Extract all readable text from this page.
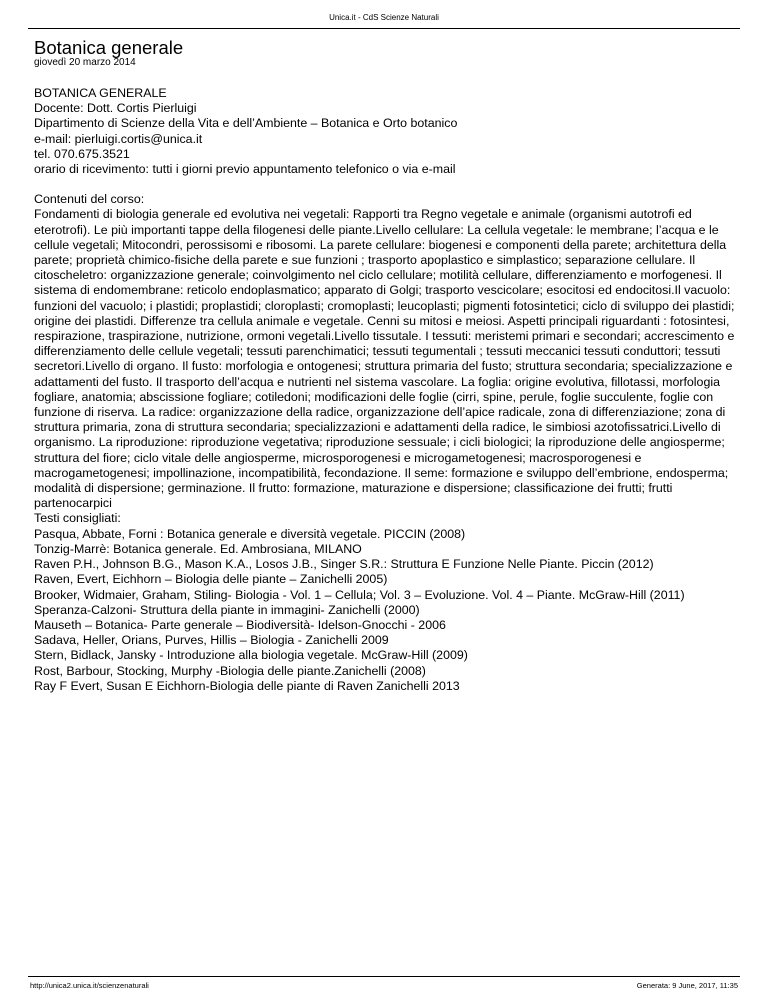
Unica.it - CdS Scienze Naturali
Botanica generale
giovedì 20 marzo 2014
BOTANICA GENERALE
Docente: Dott. Cortis Pierluigi
Dipartimento di Scienze della Vita e dell’Ambiente – Botanica e Orto botanico
e-mail: pierluigi.cortis@unica.it
tel. 070.675.3521
orario di ricevimento: tutti i giorni previo appuntamento telefonico o via e-mail
Contenuti del corso:
Fondamenti di biologia generale ed evolutiva nei vegetali: Rapporti tra Regno vegetale e animale (organismi autotrofi ed eterotrofi). Le più importanti tappe della filogenesi delle piante.Livello cellulare: La cellula vegetale: le membrane; l’acqua e le cellule vegetali; Mitocondri, perossisomi e ribosomi. La parete cellulare: biogenesi e componenti della parete; architettura della parete; proprietà chimico-fisiche della parete e sue funzioni ; trasporto apoplastico e simplastico; separazione cellulare. Il citoscheletro: organizzazione generale; coinvolgimento nel ciclo cellulare; motilità cellulare, differenziamento e morfogenesi. Il sistema di endomembrane: reticolo endoplasmatico; apparato di Golgi; trasporto vescicolare; esocitosi ed endocitosi.Il vacuolo: funzioni del vacuolo; i plastidi; proplastidi; cloroplasti; cromoplasti; leucoplasti; pigmenti fotosintetici; ciclo di sviluppo dei plastidi; origine dei plastidi. Differenze tra cellula animale e vegetale. Cenni su mitosi e meiosi. Aspetti principali riguardanti : fotosintesi, respirazione, traspirazione, nutrizione, ormoni vegetali.Livello tissutale. I tessuti: meristemi primari e secondari; accrescimento e differenziamento delle cellule vegetali; tessuti parenchimatici; tessuti tegumentali ; tessuti meccanici tessuti conduttori; tessuti secretori.Livello di organo. Il fusto: morfologia e ontogenesi; struttura primaria del fusto; struttura secondaria; specializzazione e adattamenti del fusto. Il trasporto dell’acqua e nutrienti nel sistema vascolare. La foglia: origine evolutiva, fillotassi, morfologia fogliare, anatomia; abscissione fogliare; cotiledoni; modificazioni delle foglie (cirri, spine, perule, foglie succulente, foglie con funzione di riserva. La radice: organizzazione della radice, organizzazione dell’apice radicale, zona di differenziazione; zona di struttura primaria, zona di struttura secondaria; specializzazioni e adattamenti della radice, le simbiosi azotofissatrici.Livello di organismo. La riproduzione: riproduzione vegetativa; riproduzione sessuale; i cicli biologici; la riproduzione delle angiosperme; struttura del fiore; ciclo vitale delle angiosperme, microsporogenesi e microgametogenesi; macrosporogenesi e macrogametogenesi; impollinazione, incompatibilità, fecondazione. Il seme: formazione e sviluppo dell’embrione, endosperma; modalità di dispersione; germinazione. Il frutto: formazione, maturazione e dispersione; classificazione dei frutti; frutti partenocarpici
Testi consigliati:
Pasqua, Abbate, Forni : Botanica generale e diversità vegetale. PICCIN (2008)
Tonzig-Marrè: Botanica generale. Ed. Ambrosiana, MILANO
Raven P.H., Johnson B.G., Mason K.A., Losos J.B., Singer S.R.: Struttura E Funzione Nelle Piante. Piccin (2012)
Raven, Evert, Eichhorn – Biologia delle piante – Zanichelli 2005)
Brooker, Widmaier, Graham, Stiling- Biologia - Vol. 1 – Cellula; Vol. 3 – Evoluzione. Vol. 4 – Piante. McGraw-Hill (2011)
Speranza-Calzoni- Struttura della piante in immagini- Zanichelli (2000)
Mauseth – Botanica- Parte generale – Biodiversità- Idelson-Gnocchi - 2006
Sadava, Heller, Orians, Purves, Hillis – Biologia - Zanichelli 2009
Stern, Bidlack, Jansky - Introduzione alla biologia vegetale. McGraw-Hill (2009)
Rost, Barbour, Stocking, Murphy -Biologia delle piante.Zanichelli (2008)
Ray F Evert, Susan E Eichhorn-Biologia delle piante di Raven Zanichelli 2013
http://unica2.unica.it/scienzenaturali	Generata: 9 June, 2017, 11:35
